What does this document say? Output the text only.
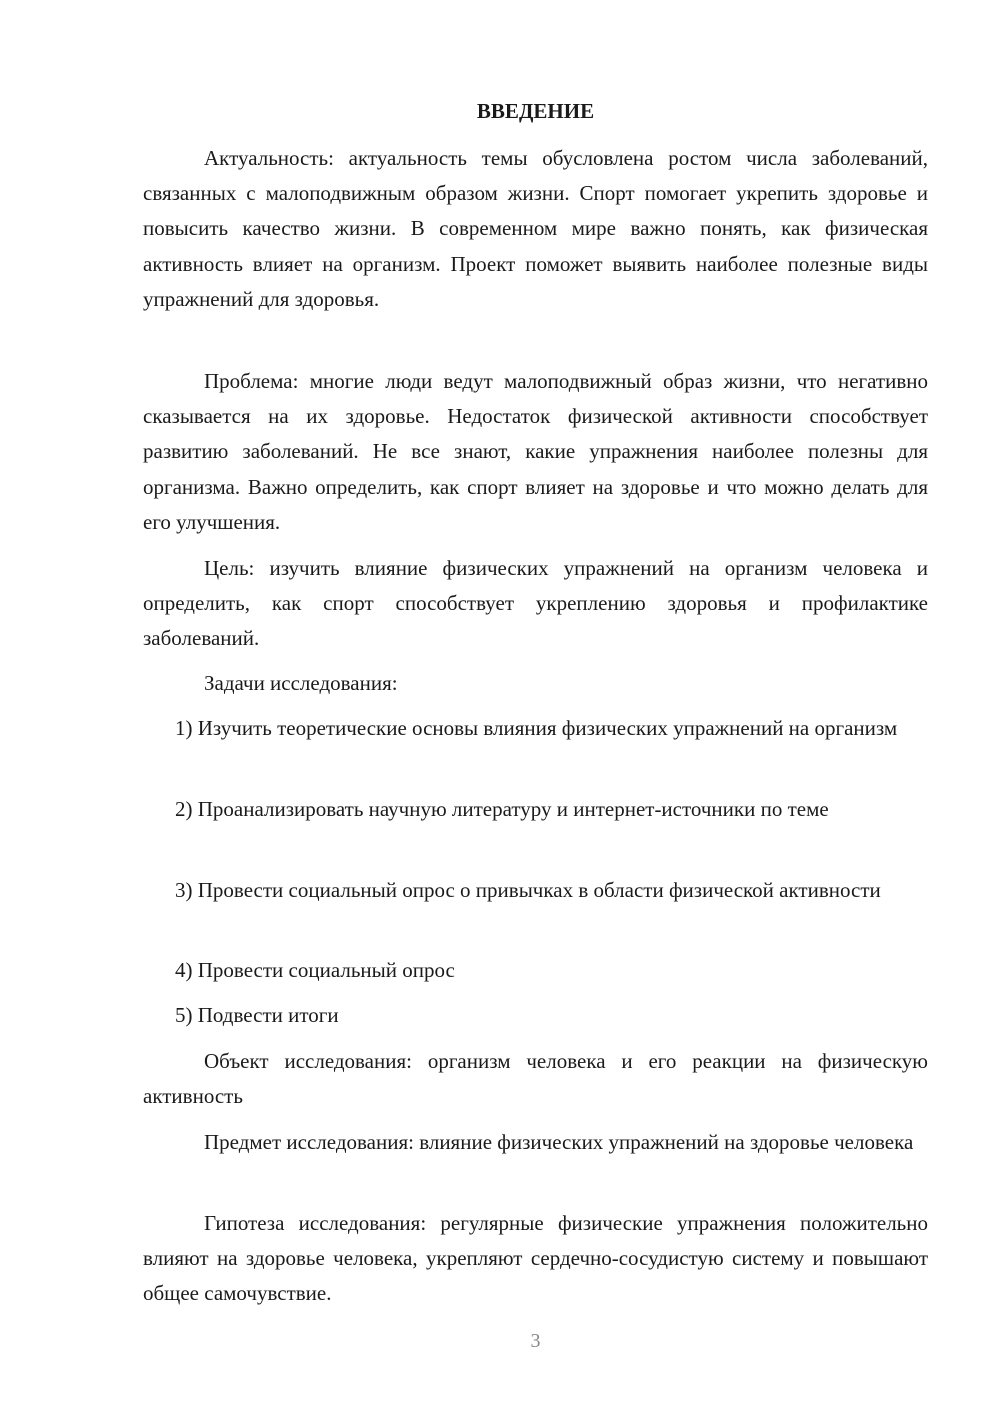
ВВЕДЕНИЕ

Актуальность: актуальность темы обусловлена ростом числа заболеваний, связанных с малоподвижным образом жизни. Спорт помогает укрепить здоровье и повысить качество жизни. В современном мире важно понять, как физическая активность влияет на организм. Проект поможет выявить наиболее полезные виды упражнений для здоровья.

Проблема: многие люди ведут малоподвижный образ жизни, что негативно сказывается на их здоровье. Недостаток физической активности способствует развитию заболеваний. Не все знают, какие упражнения наиболее полезны для организма. Важно определить, как спорт влияет на здоровье и что можно делать для его улучшения.

Цель: изучить влияние физических упражнений на организм человека и определить, как спорт способствует укреплению здоровья и профилактике заболеваний.

Задачи исследования:

1) Изучить теоретические основы влияния физических упражнений на организм

2) Проанализировать научную литературу и интернет-источники по теме

3) Провести социальный опрос о привычках в области физической активности

4) Провести социальный опрос

5) Подвести итоги

Объект исследования: организм человека и его реакции на физическую активность

Предмет исследования: влияние физических упражнений на здоровье человека

Гипотеза исследования: регулярные физические упражнения положительно влияют на здоровье человека, укрепляют сердечно-сосудистую систему и повышают общее самочувствие.

3
